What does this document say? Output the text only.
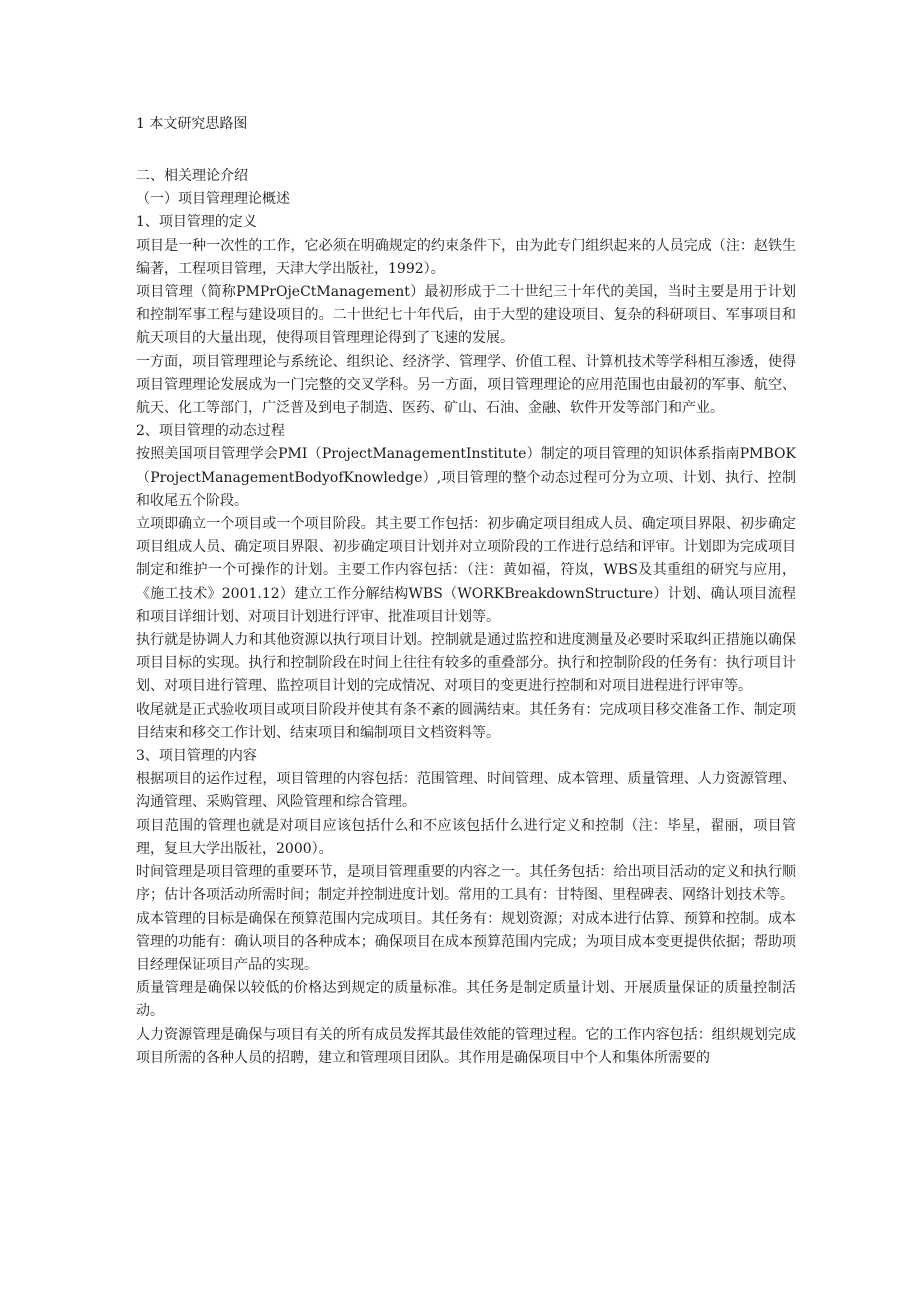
1 本文研究思路图

二、相关理论介绍

（一）项目管理理论概述

1、项目管理的定义

项目是一种一次性的工作，它必须在明确规定的约束条件下，由为此专门组织起来的人员完成（注：赵铁生编著，工程项目管理，天津大学出版社，1992）。

项目管理（简称PMPrOjeCtManagement）最初形成于二十世纪三十年代的美国，当时主要是用于计划和控制军事工程与建设项目的。二十世纪七十年代后，由于大型的建设项目、复杂的科研项目、军事项目和航天项目的大量出现，使得项目管理理论得到了飞速的发展。

一方面，项目管理理论与系统论、组织论、经济学、管理学、价值工程、计算机技术等学科相互渗透，使得项目管理理论发展成为一门完整的交叉学科。另一方面，项目管理理论的应用范围也由最初的军事、航空、航天、化工等部门，广泛普及到电子制造、医药、矿山、石油、金融、软件开发等部门和产业。

2、项目管理的动态过程

按照美国项目管理学会PMI（ProjectManagementInstitute）制定的项目管理的知识体系指南PMBOK（ProjectManagementBodyofKnowledge）,项目管理的整个动态过程可分为立项、计划、执行、控制和收尾五个阶段。

立项即确立一个项目或一个项目阶段。其主要工作包括：初步确定项目组成人员、确定项目界限、初步确定项目组成人员、确定项目界限、初步确定项目计划并对立项阶段的工作进行总结和评审。计划即为完成项目制定和维护一个可操作的计划。主要工作内容包括：（注：黄如福，符岚，WBS及其重组的研究与应用，《施工技术》2001.12）建立工作分解结构WBS（WORKBreakdownStructure）计划、确认项目流程和项目详细计划、对项目计划进行评审、批准项目计划等。

执行就是协调人力和其他资源以执行项目计划。控制就是通过监控和进度测量及必要时采取纠正措施以确保项目目标的实现。执行和控制阶段在时间上往往有较多的重叠部分。执行和控制阶段的任务有：执行项目计划、对项目进行管理、监控项目计划的完成情况、对项目的变更进行控制和对项目进程进行评审等。

收尾就是正式验收项目或项目阶段并使其有条不紊的圆满结束。其任务有：完成项目移交准备工作、制定项目结束和移交工作计划、结束项目和编制项目文档资料等。

3、项目管理的内容

根据项目的运作过程，项目管理的内容包括：范围管理、时间管理、成本管理、质量管理、人力资源管理、沟通管理、采购管理、风险管理和综合管理。

项目范围的管理也就是对项目应该包括什么和不应该包括什么进行定义和控制（注：毕星，翟丽，项目管理，复旦大学出版社，2000）。

时间管理是项目管理的重要环节，是项目管理重要的内容之一。其任务包括：给出项目活动的定义和执行顺序；估计各项活动所需时间；制定并控制进度计划。常用的工具有：甘特图、里程碑表、网络计划技术等。

成本管理的目标是确保在预算范围内完成项目。其任务有：规划资源；对成本进行估算、预算和控制。成本管理的功能有：确认项目的各种成本；确保项目在成本预算范围内完成；为项目成本变更提供依据；帮助项目经理保证项目产品的实现。

质量管理是确保以较低的价格达到规定的质量标准。其任务是制定质量计划、开展质量保证的质量控制活动。

人力资源管理是确保与项目有关的所有成员发挥其最佳效能的管理过程。它的工作内容包括：组织规划完成项目所需的各种人员的招聘，建立和管理项目团队。其作用是确保项目中个人和集体所需要的
